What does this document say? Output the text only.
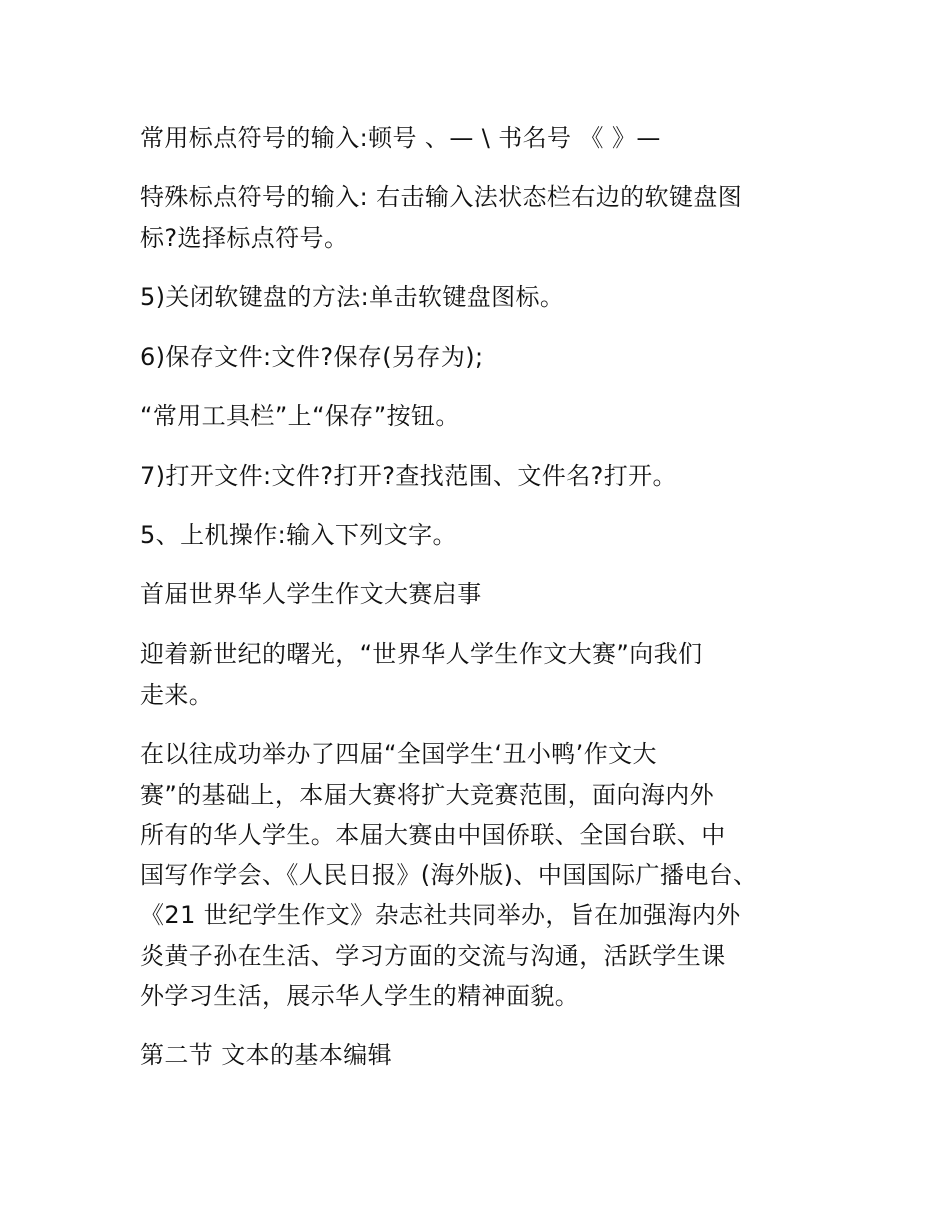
常用标点符号的输入:顿号 、— \ 书名号 《 》—

特殊标点符号的输入: 右击输入法状态栏右边的软键盘图

标?选择标点符号。

5)关闭软键盘的方法:单击软键盘图标。

6)保存文件:文件?保存(另存为);

“常用工具栏”上“保存”按钮。

7)打开文件:文件?打开?查找范围、文件名?打开。

5、上机操作:输入下列文字。

首届世界华人学生作文大赛启事

迎着新世纪的曙光，“世界华人学生作文大赛”向我们

走来。

在以往成功举办了四届“全国学生‘丑小鸭’作文大

赛”的基础上，本届大赛将扩大竞赛范围，面向海内外

所有的华人学生。本届大赛由中国侨联、全国台联、中

国写作学会、《人民日报》(海外版)、中国国际广播电台、

《21 世纪学生作文》杂志社共同举办，旨在加强海内外

炎黄子孙在生活、学习方面的交流与沟通，活跃学生课

外学习生活，展示华人学生的精神面貌。

第二节 文本的基本编辑
